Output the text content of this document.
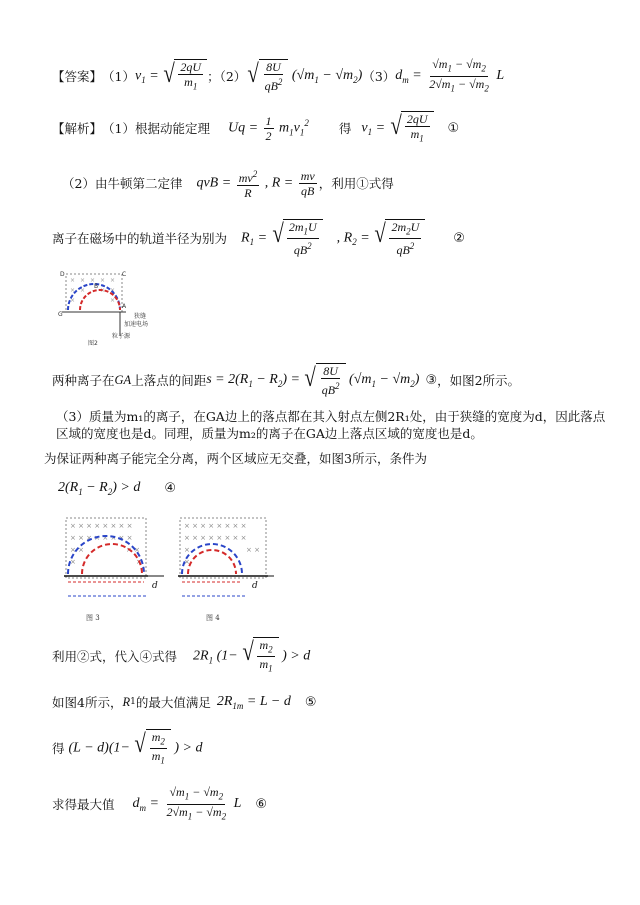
【答案】 （1） $v_1$ = √ $\frac{2qU}{m_1}$ ；（2） √ $\frac{8U}{qB^2} (√m_1 - √m_2)$ （3） $d_m = \frac{√m_1 - √m_2}{2√m_1 - √m_2}$ L
【解析】 （1）根据动能定理 $Uq = \frac{1}{2} m_1v_1^2$ 得 $v_1$ = √ $\frac{2qU}{m_1}$ ①
（2）由牛顿第二定律 qvB = $\frac{mv^2}{R}$ , $R = \frac{mv}{qB}$ ，利用①式得
离子在磁场中的轨道半径为别为 $R_1$ = √ $\frac{2m_1U}{qB^2}$ , $R_2$ = √ $\frac{2m_2U}{qB^2}$ ②
× × × × ×
× × × ×
×	×
D	C
B
G
A
狭缝
加速电场
粒子源
图2
两种离子在 GA 上落点的间距 $s = 2(R_1 - R_2)$ = √ $\frac{8U}{qB^2} (√m_1 - √m_2)$ ③ ，如图2所示。
（3）质量为m₁的离子，在GA边上的落点都在其入射点左侧2R₁处，由于狭缝的宽度为d，因此落点区域的宽度也是d。同理，质量为m₂的离子在GA边上落点区域的宽度也是d。
为保证两种离子能完全分离，两个区域应无交叠，如图3所示，条件为
$2(R_1 - R_2) > d$ ④
× × × × × × × ×
× × × × × × × ×
× ×	× ×
×	×
d
图 3
× × × × × × × ×
× × × × × × × ×
×	× ×
×
d
图 4
利用②式，代入④式得 $2R_1$ (1− √ $\frac{m_2}{m_1}$ ) > d
如图4所示， R 1 的最大值满足 $2R_{1m} = L - d$ ⑤
得 (L − d)(1− √ $\frac{m_2}{m_1}$ ) > d
求得最大值 $d_m = \frac{√m_1 - √m_2}{2√m_1 - √m_2}$ L ⑥
